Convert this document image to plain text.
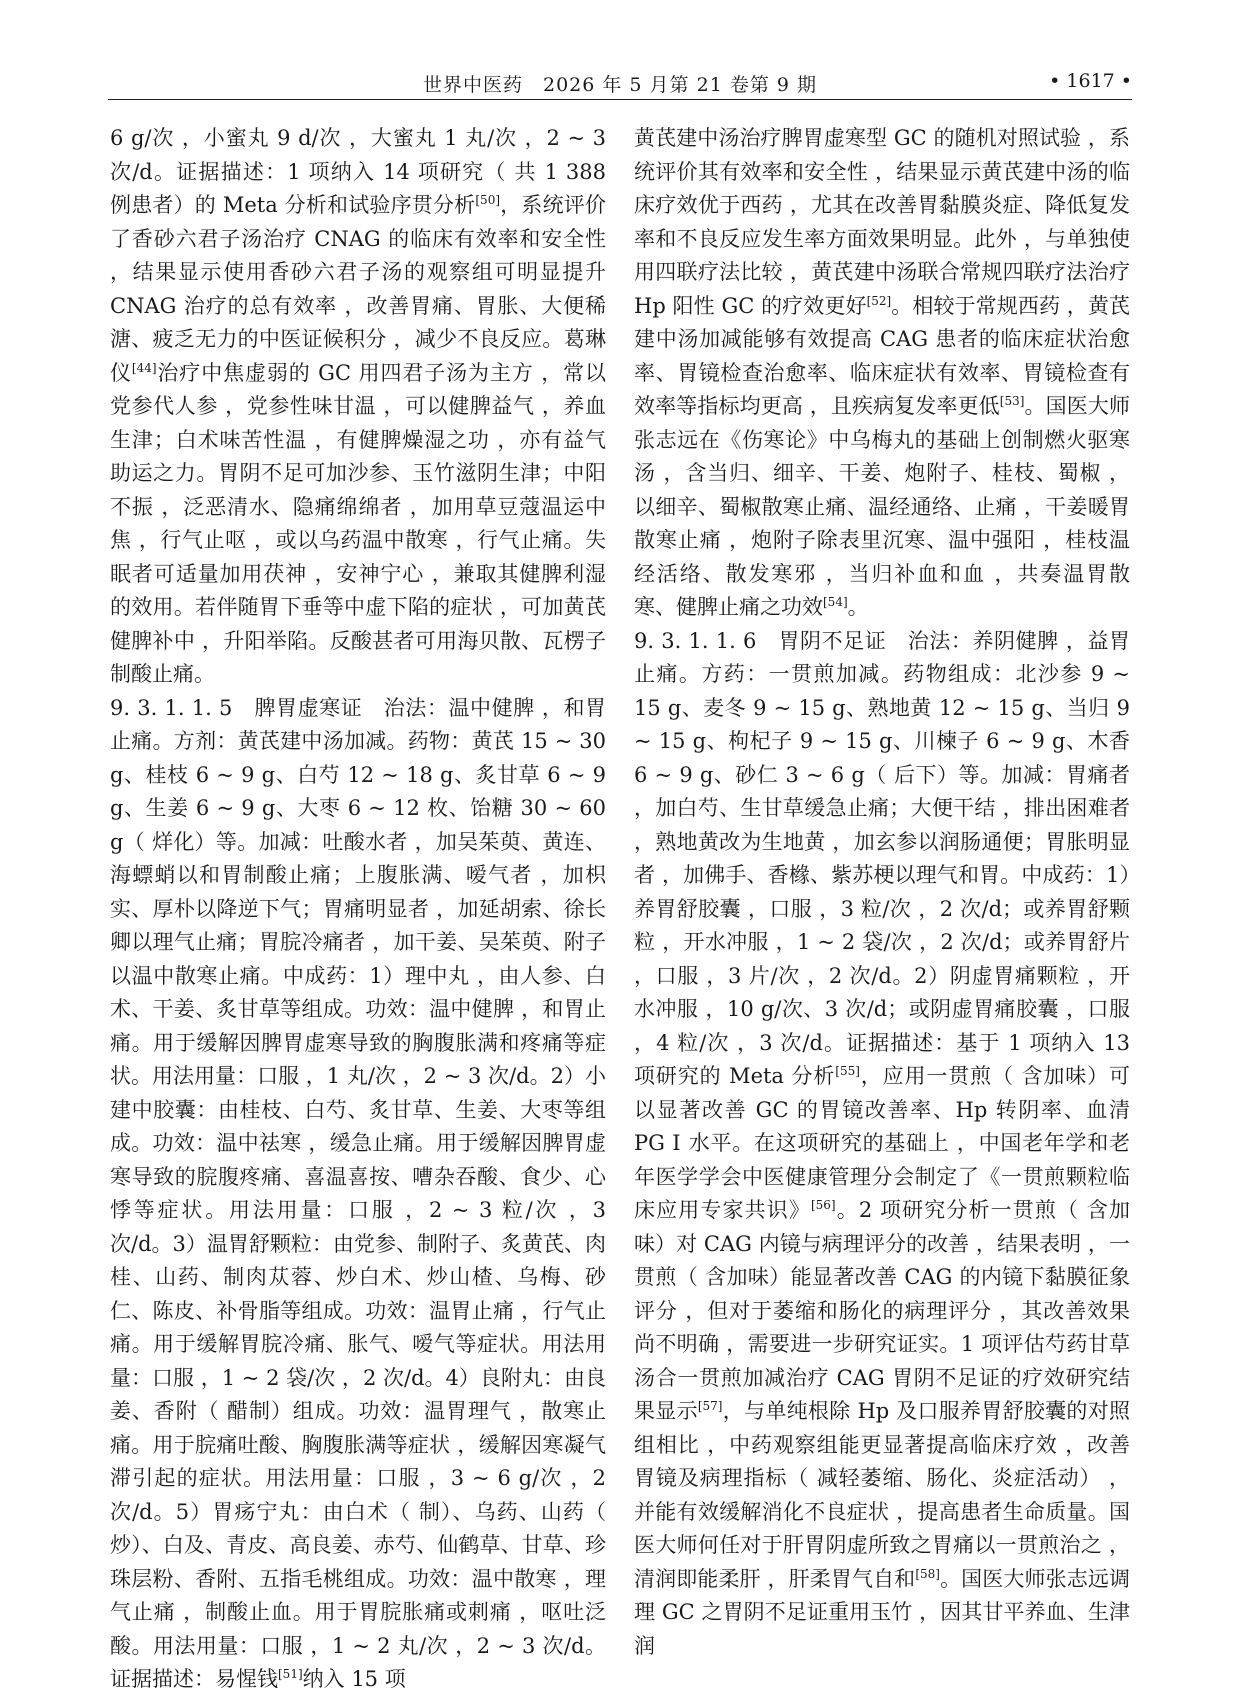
世界中医药　2026 年 5 月第 21 卷第 9 期	• 1617 •

6 g/次 ，小蜜丸 9 d/次 ，大蜜丸 1 丸/次 ，2 ~ 3 次/d。证据描述：1 项纳入 14 项研究（ 共 1 388 例患者）的 Meta 分析和试验序贯分析[50]，系统评价了香砂六君子汤治疗 CNAG 的临床有效率和安全性 ，结果显示使用香砂六君子汤的观察组可明显提升 CNAG 治疗的总有效率 ，改善胃痛、胃胀、大便稀溏、疲乏无力的中医证候积分 ，减少不良反应。葛琳仪[44]治疗中焦虚弱的 GC 用四君子汤为主方 ，常以党参代人参 ，党参性味甘温 ，可以健脾益气 ，养血生津；白术味苦性温 ，有健脾燥湿之功 ，亦有益气助运之力。胃阴不足可加沙参、玉竹滋阴生津；中阳不振 ，泛恶清水、隐痛绵绵者 ，加用草豆蔻温运中焦 ，行气止呕 ，或以乌药温中散寒 ，行气止痛。失眠者可适量加用茯神 ，安神宁心 ，兼取其健脾利湿的效用。若伴随胃下垂等中虚下陷的症状 ，可加黄芪健脾补中 ，升阳举陷。反酸甚者可用海贝散、瓦楞子制酸止痛。

9. 3. 1. 1. 5　脾胃虚寒证　治法：温中健脾 ，和胃止痛。方剂：黄芪建中汤加减。药物：黄芪 15 ~ 30 g、桂枝 6 ~ 9 g、白芍 12 ~ 18 g、炙甘草 6 ~ 9 g、生姜 6 ~ 9 g、大枣 6 ~ 12 枚、饴糖 30 ~ 60 g（ 烊化）等。加减：吐酸水者 ，加吴茱萸、黄连、海螵蛸以和胃制酸止痛；上腹胀满、嗳气者 ，加枳实、厚朴以降逆下气；胃痛明显者 ，加延胡索、徐长卿以理气止痛；胃脘冷痛者 ，加干姜、吴茱萸、附子以温中散寒止痛。中成药：1）理中丸 ，由人参、白术、干姜、炙甘草等组成。功效：温中健脾 ，和胃止痛。用于缓解因脾胃虚寒导致的胸腹胀满和疼痛等症状。用法用量：口服 ，1 丸/次 ，2 ~ 3 次/d。2）小建中胶囊：由桂枝、白芍、炙甘草、生姜、大枣等组成。功效：温中祛寒 ，缓急止痛。用于缓解因脾胃虚寒导致的脘腹疼痛、喜温喜按、嘈杂吞酸、食少、心悸等症状。用法用量：口服 ，2 ~ 3 粒/次 ，3 次/d。3）温胃舒颗粒：由党参、制附子、炙黄芪、肉桂、山药、制肉苁蓉、炒白术、炒山楂、乌梅、砂仁、陈皮、补骨脂等组成。功效：温胃止痛 ，行气止痛。用于缓解胃脘冷痛、胀气、嗳气等症状。用法用量：口服 ，1 ~ 2 袋/次 ，2 次/d。4）良附丸：由良姜、香附（ 醋制）组成。功效：温胃理气 ，散寒止痛。用于脘痛吐酸、胸腹胀满等症状 ，缓解因寒凝气滞引起的症状。用法用量：口服 ，3 ~ 6 g/次 ，2 次/d。5）胃疡宁丸：由白术（ 制）、乌药、山药（ 炒）、白及、青皮、高良姜、赤芍、仙鹤草、甘草、珍珠层粉、香附、五指毛桃组成。功效：温中散寒 ，理气止痛 ，制酸止血。用于胃脘胀痛或刺痛 ，呕吐泛酸。用法用量：口服 ，1 ~ 2 丸/次 ，2 ~ 3 次/d。证据描述：易惺钱[51]纳入 15 项

黄芪建中汤治疗脾胃虚寒型 GC 的随机对照试验 ，系统评价其有效率和安全性 ，结果显示黄芪建中汤的临床疗效优于西药 ，尤其在改善胃黏膜炎症、降低复发率和不良反应发生率方面效果明显。此外 ，与单独使用四联疗法比较 ，黄芪建中汤联合常规四联疗法治疗 Hp 阳性 GC 的疗效更好[52]。相较于常规西药 ，黄芪建中汤加减能够有效提高 CAG 患者的临床症状治愈率、胃镜检查治愈率、临床症状有效率、胃镜检查有效率等指标均更高 ，且疾病复发率更低[53]。国医大师张志远在《伤寒论》中乌梅丸的基础上创制燃火驱寒汤 ，含当归、细辛、干姜、炮附子、桂枝、蜀椒 ，以细辛、蜀椒散寒止痛、温经通络、止痛 ，干姜暖胃散寒止痛 ，炮附子除表里沉寒、温中强阳 ，桂枝温经活络、散发寒邪 ，当归补血和血 ，共奏温胃散寒、健脾止痛之功效[54]。

9. 3. 1. 1. 6　胃阴不足证　治法：养阴健脾 ，益胃止痛。方药：一贯煎加减。药物组成：北沙参 9 ~ 15 g、麦冬 9 ~ 15 g、熟地黄 12 ~ 15 g、当归 9 ~ 15 g、枸杞子 9 ~ 15 g、川楝子 6 ~ 9 g、木香 6 ~ 9 g、砂仁 3 ~ 6 g（ 后下）等。加减：胃痛者 ，加白芍、生甘草缓急止痛；大便干结 ，排出困难者 ，熟地黄改为生地黄 ，加玄参以润肠通便；胃胀明显者 ，加佛手、香橼、紫苏梗以理气和胃。中成药：1）养胃舒胶囊 ，口服 ，3 粒/次 ，2 次/d；或养胃舒颗粒 ，开水冲服 ，1 ~ 2 袋/次 ，2 次/d；或养胃舒片 ，口服 ，3 片/次 ，2 次/d。2）阴虚胃痛颗粒 ，开水冲服 ，10 g/次、3 次/d；或阴虚胃痛胶囊 ，口服 ，4 粒/次 ，3 次/d。证据描述：基于 1 项纳入 13 项研究的 Meta 分析[55]，应用一贯煎（ 含加味）可以显著改善 GC 的胃镜改善率、Hp 转阴率、血清 PG Ⅰ 水平。在这项研究的基础上 ，中国老年学和老年医学学会中医健康管理分会制定了《一贯煎颗粒临床应用专家共识》[56]。2 项研究分析一贯煎（ 含加味）对 CAG 内镜与病理评分的改善 ，结果表明 ，一贯煎（ 含加味）能显著改善 CAG 的内镜下黏膜征象评分 ，但对于萎缩和肠化的病理评分 ，其改善效果尚不明确 ，需要进一步研究证实。1 项评估芍药甘草汤合一贯煎加减治疗 CAG 胃阴不足证的疗效研究结果显示[57]，与单纯根除 Hp 及口服养胃舒胶囊的对照组相比 ，中药观察组能更显著提高临床疗效 ，改善胃镜及病理指标（ 减轻萎缩、肠化、炎症活动） ，并能有效缓解消化不良症状 ，提高患者生命质量。国医大师何任对于肝胃阴虚所致之胃痛以一贯煎治之 ，清润即能柔肝 ，肝柔胃气自和[58]。国医大师张志远调理 GC 之胃阴不足证重用玉竹 ，因其甘平养血、生津润
